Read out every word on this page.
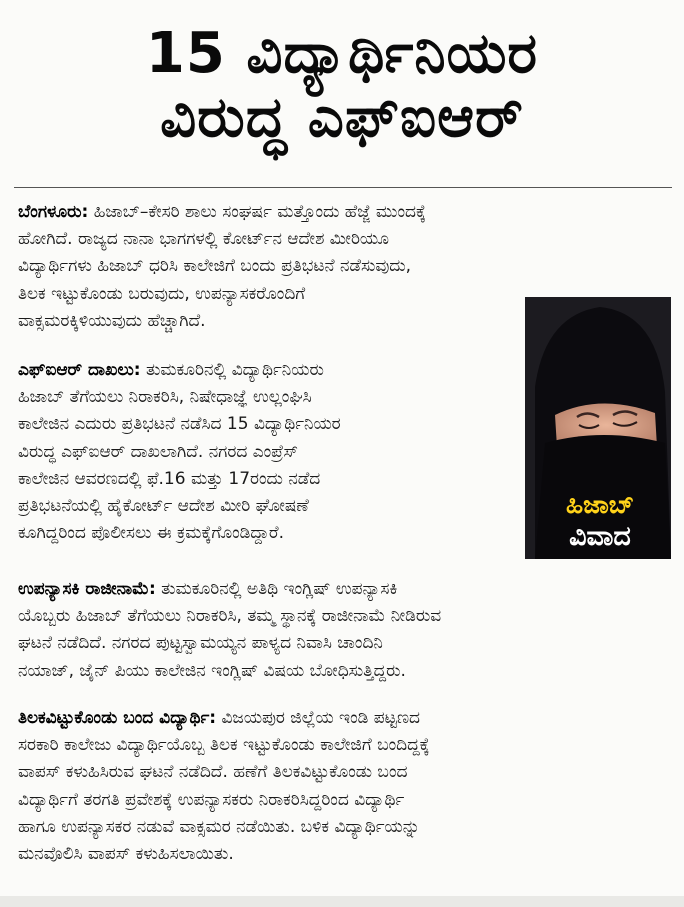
15 ವಿದ್ಯಾರ್ಥಿನಿಯರ
ವಿರುದ್ಧ ಎಫ್‌ಐಆರ್
ಬೆಂಗಳೂರು: ಹಿಜಾಬ್–ಕೇಸರಿ ಶಾಲು ಸಂಘರ್ಷ ಮತ್ತೊಂದು ಹೆಜ್ಜೆ ಮುಂದಕ್ಕೆ
ಹೋಗಿದೆ. ರಾಜ್ಯದ ನಾನಾ ಭಾಗಗಳಲ್ಲಿ ಕೋರ್ಟ್‌ನ ಆದೇಶ ಮೀರಿಯೂ
ವಿದ್ಯಾರ್ಥಿಗಳು ಹಿಜಾಬ್ ಧರಿಸಿ ಕಾಲೇಜಿಗೆ ಬಂದು ಪ್ರತಿಭಟನೆ ನಡೆಸುವುದು,
ತಿಲಕ ಇಟ್ಟುಕೊಂಡು ಬರುವುದು, ಉಪನ್ಯಾಸಕರೊಂದಿಗೆ
ವಾಕ್ಸಮರಕ್ಕಿಳಿಯುವುದು ಹೆಚ್ಚಾಗಿದೆ.
ಎಫ್‌ಐಆರ್ ದಾಖಲು: ತುಮಕೂರಿನಲ್ಲಿ ವಿದ್ಯಾರ್ಥಿನಿಯರು
ಹಿಜಾಬ್ ತೆಗೆಯಲು ನಿರಾಕರಿಸಿ, ನಿಷೇಧಾಜ್ಞೆ ಉಲ್ಲಂಘಿಸಿ
ಕಾಲೇಜಿನ ಎದುರು ಪ್ರತಿಭಟನೆ ನಡೆಸಿದ 15 ವಿದ್ಯಾರ್ಥಿನಿಯರ
ವಿರುದ್ಧ ಎಫ್‌ಐಆರ್ ದಾಖಲಾಗಿದೆ. ನಗರದ ಎಂಪ್ರೆಸ್
ಕಾಲೇಜಿನ ಆವರಣದಲ್ಲಿ ಫೆ.16 ಮತ್ತು 17ರಂದು ನಡೆದ
ಪ್ರತಿಭಟನೆಯಲ್ಲಿ ಹೈಕೋರ್ಟ್ ಆದೇಶ ಮೀರಿ ಘೋಷಣೆ
ಕೂಗಿದ್ದರಿಂದ ಪೊಲೀಸಲು ಈ ಕ್ರಮಕ್ಕೆಗೊಂಡಿದ್ದಾರೆ.
ಹಿಜಾಬ್
ವಿವಾದ
ಉಪನ್ಯಾಸಕಿ ರಾಜೀನಾಮೆ: ತುಮಕೂರಿನಲ್ಲಿ ಅತಿಥಿ ಇಂಗ್ಲಿಷ್ ಉಪನ್ಯಾಸಕಿ
ಯೊಬ್ಬರು ಹಿಜಾಬ್ ತೆಗೆಯಲು ನಿರಾಕರಿಸಿ, ತಮ್ಮ ಸ್ಥಾನಕ್ಕೆ ರಾಜೀನಾಮೆ ನೀಡಿರುವ
ಘಟನೆ ನಡೆದಿದೆ. ನಗರದ ಪುಟ್ಟಸ್ವಾಮಯ್ಯನ ಪಾಳ್ಯದ ನಿವಾಸಿ ಚಾಂದಿನಿ
ನಯಾಜ್, ಜೈನ್ ಪಿಯು ಕಾಲೇಜಿನ ಇಂಗ್ಲಿಷ್ ವಿಷಯ ಬೋಧಿಸುತ್ತಿದ್ದರು.
ತಿಲಕವಿಟ್ಟುಕೊಂಡು ಬಂದ ವಿದ್ಯಾರ್ಥಿ: ವಿಜಯಪುರ ಜಿಲ್ಲೆಯ ಇಂಡಿ ಪಟ್ಟಣದ
ಸರಕಾರಿ ಕಾಲೇಜು ವಿದ್ಯಾರ್ಥಿಯೊಬ್ಬ ತಿಲಕ ಇಟ್ಟುಕೊಂಡು ಕಾಲೇಜಿಗೆ ಬಂದಿದ್ದಕ್ಕೆ
ವಾಪಸ್ ಕಳುಹಿಸಿರುವ ಘಟನೆ ನಡೆದಿದೆ. ಹಣೆಗೆ ತಿಲಕವಿಟ್ಟುಕೊಂಡು ಬಂದ
ವಿದ್ಯಾರ್ಥಿಗೆ ತರಗತಿ ಪ್ರವೇಶಕ್ಕೆ ಉಪನ್ಯಾಸಕರು ನಿರಾಕರಿಸಿದ್ದರಿಂದ ವಿದ್ಯಾರ್ಥಿ
ಹಾಗೂ ಉಪನ್ಯಾಸಕರ ನಡುವೆ ವಾಕ್ಸಮರ ನಡೆಯಿತು. ಬಳಿಕ ವಿದ್ಯಾರ್ಥಿಯನ್ನು
ಮನವೊಲಿಸಿ ವಾಪಸ್ ಕಳುಹಿಸಲಾಯಿತು.
